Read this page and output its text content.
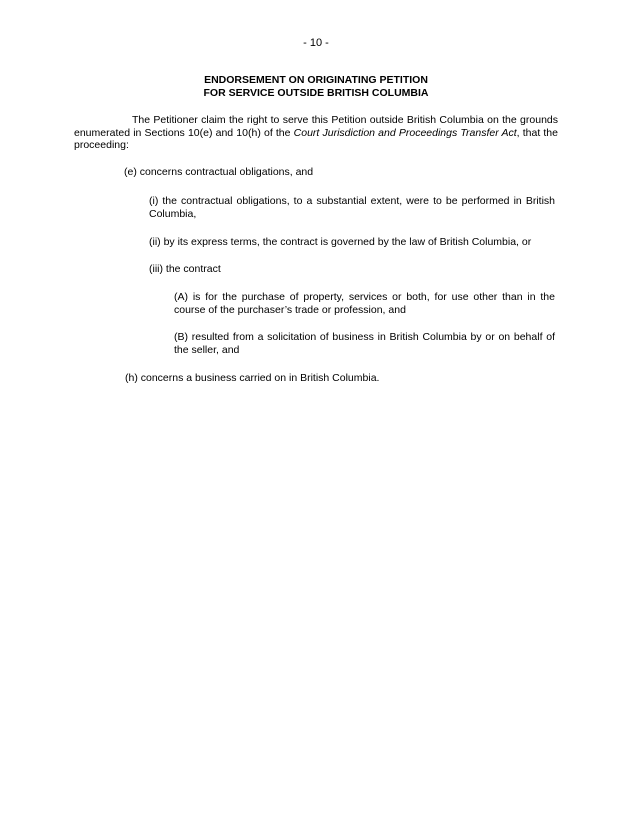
- 10 -
ENDORSEMENT ON ORIGINATING PETITION
FOR SERVICE OUTSIDE BRITISH COLUMBIA

The Petitioner claim the right to serve this Petition outside British Columbia on the grounds enumerated in Sections 10(e) and 10(h) of the Court Jurisdiction and Proceedings Transfer Act, that the proceeding:

(e) concerns contractual obligations, and

(i) the contractual obligations, to a substantial extent, were to be performed in British Columbia,

(ii) by its express terms, the contract is governed by the law of British Columbia, or

(iii) the contract

(A) is for the purchase of property, services or both, for use other than in the course of the purchaser’s trade or profession, and

(B) resulted from a solicitation of business in British Columbia by or on behalf of the seller, and

(h) concerns a business carried on in British Columbia.
